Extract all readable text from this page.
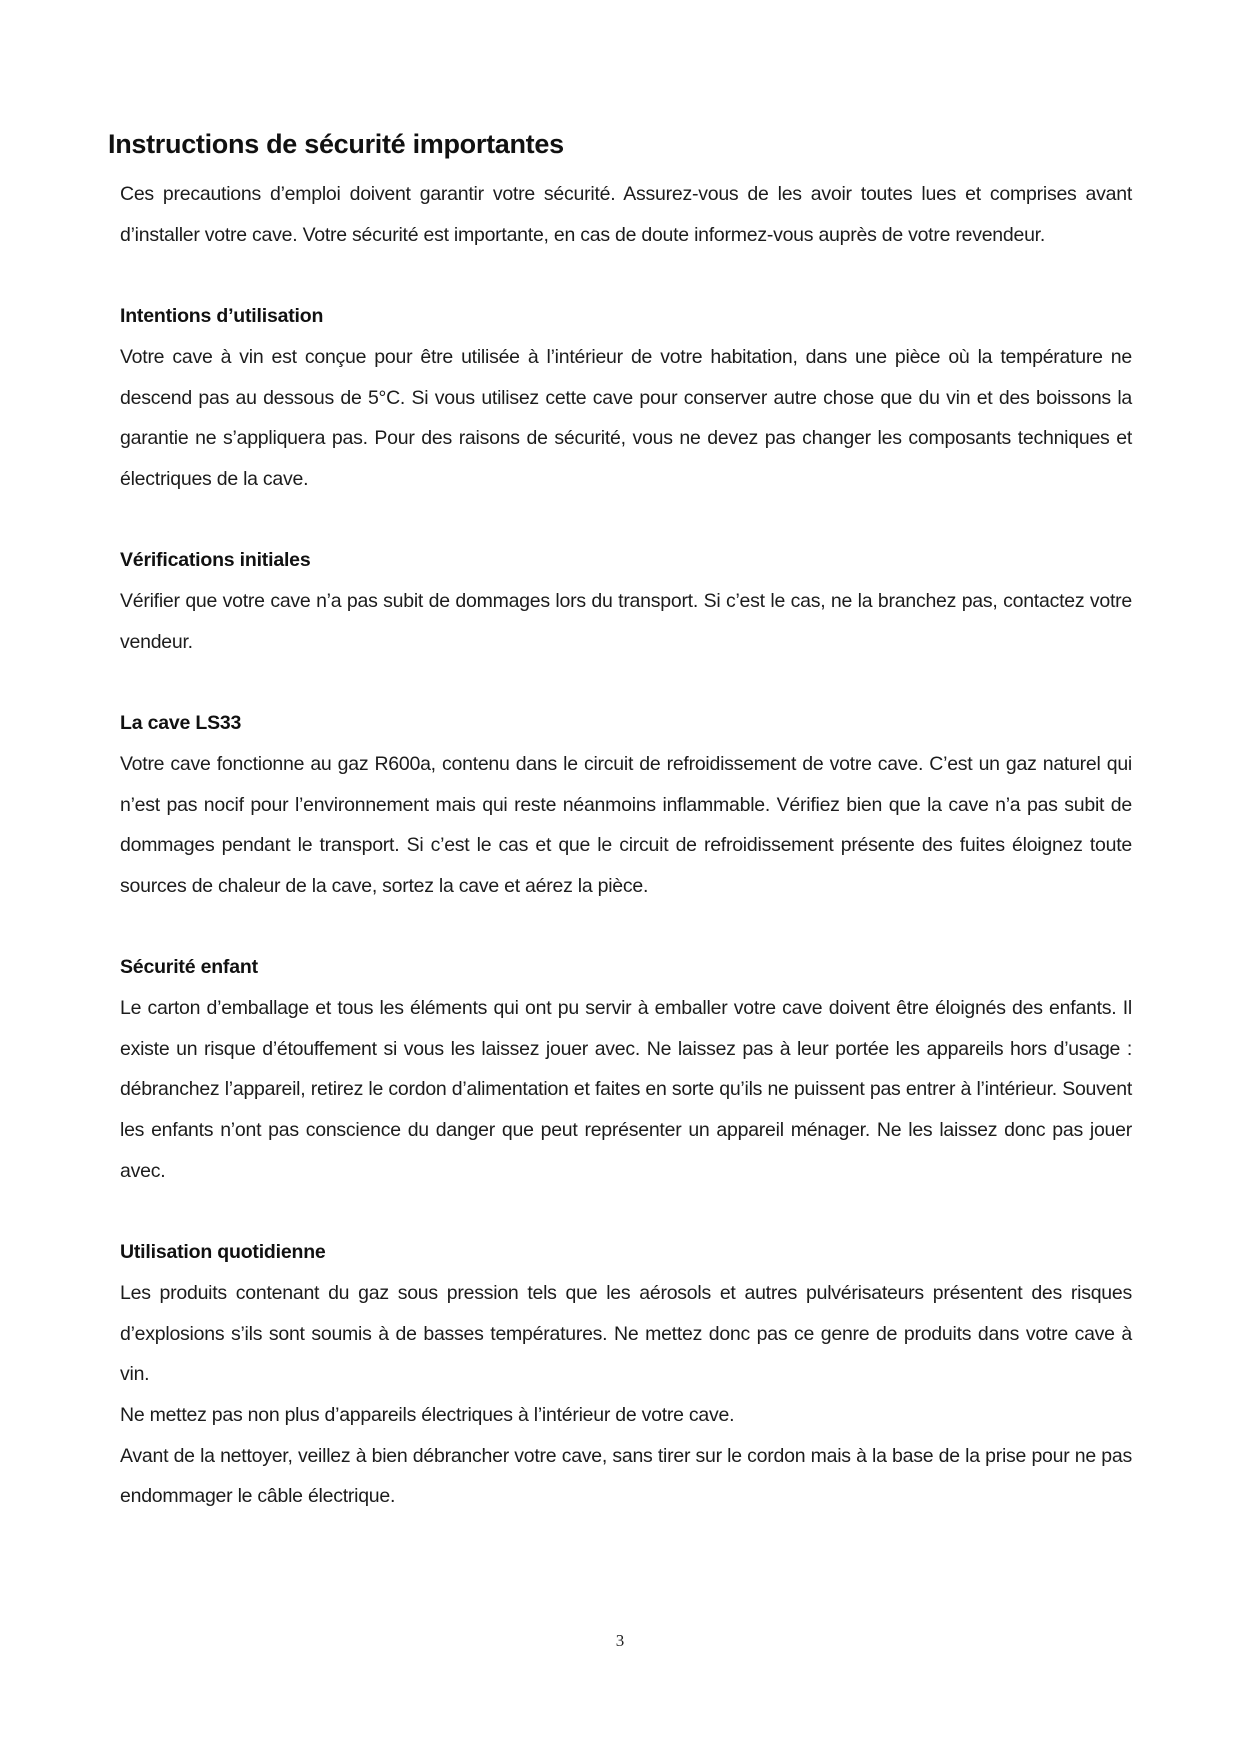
Instructions de sécurité importantes

Ces precautions d’emploi doivent garantir votre sécurité. Assurez-vous de les avoir toutes lues et comprises avant d’installer votre cave. Votre sécurité est importante, en cas de doute informez-vous auprès de votre revendeur.

Intentions d’utilisation

Votre cave à vin est conçue pour être utilisée à l’intérieur de votre habitation, dans une pièce où la température ne descend pas au dessous de 5°C. Si vous utilisez cette cave pour conserver autre chose que du vin et des boissons la garantie ne s’appliquera pas. Pour des raisons de sécurité, vous ne devez pas changer les composants techniques et électriques de la cave.

Vérifications initiales

Vérifier que votre cave n’a pas subit de dommages lors du transport. Si c’est le cas, ne la branchez pas, contactez votre vendeur.

La cave LS33

Votre cave fonctionne au gaz R600a, contenu dans le circuit de refroidissement de votre cave. C’est un gaz naturel qui n’est pas nocif pour l’environnement mais qui reste néanmoins inflammable. Vérifiez bien que la cave n’a pas subit de dommages pendant le transport. Si c’est le cas et que le circuit de refroidissement présente des fuites éloignez toute sources de chaleur de la cave, sortez la cave et aérez la pièce.

Sécurité enfant

Le carton d’emballage et tous les éléments qui ont pu servir à emballer votre cave doivent être éloignés des enfants. Il existe un risque d’étouffement si vous les laissez jouer avec. Ne laissez pas à leur portée les appareils hors d’usage : débranchez l’appareil, retirez le cordon d’alimentation et faites en sorte qu’ils ne puissent pas entrer à l’intérieur. Souvent les enfants n’ont pas conscience du danger que peut représenter un appareil ménager. Ne les laissez donc pas jouer avec.

Utilisation quotidienne

Les produits contenant du gaz sous pression tels que les aérosols et autres pulvérisateurs présentent des risques d’explosions s’ils sont soumis à de basses températures. Ne mettez donc pas ce genre de produits dans votre cave à vin.

Ne mettez pas non plus d’appareils électriques à l’intérieur de votre cave.

Avant de la nettoyer, veillez à bien débrancher votre cave, sans tirer sur le cordon mais à la base de la prise pour ne pas endommager le câble électrique.

3
